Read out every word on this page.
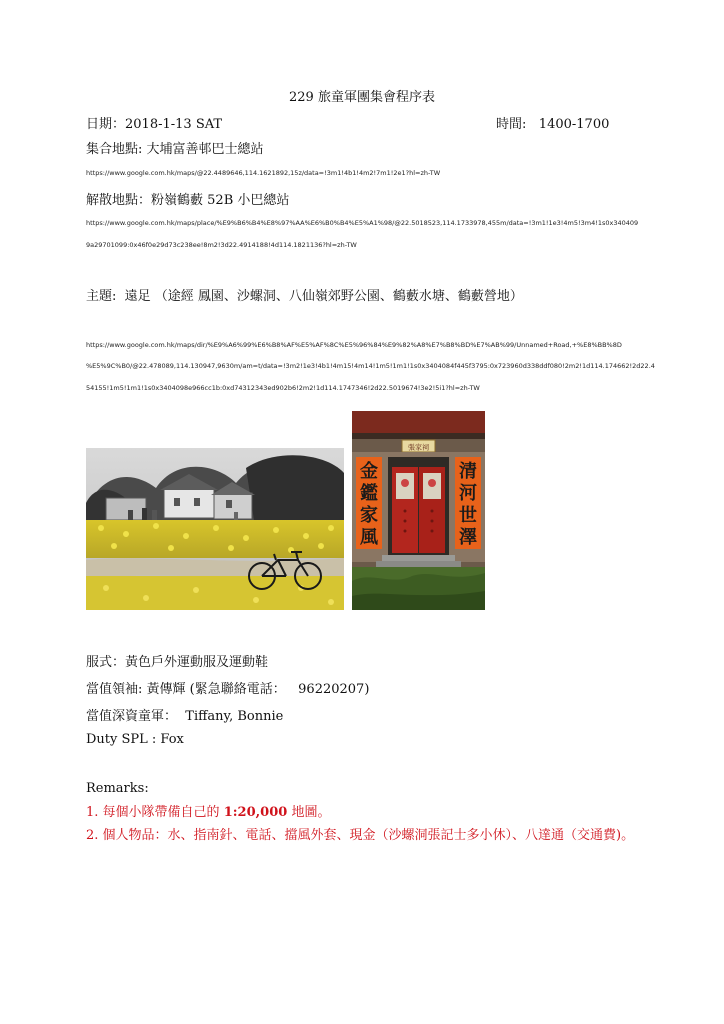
229 旅童軍團集會程序表
日期：2018-1-13 SAT	時間: 1400-1700
集合地點: 大埔富善邨巴士總站
https://www.google.com.hk/maps/@22.4489646,114.1621892,15z/data=!3m1!4b1!4m2!7m1!2e1?hl=zh-TW
解散地點：粉嶺鶴藪 52B 小巴總站
https://www.google.com.hk/maps/place/%E9%B6%B4%E8%97%AA%E6%B0%B4%E5%A1%98/@22.5018523,114.1733978,455m/data=!3m1!1e3!4m5!3m4!1s0x340409
9a29701099:0x46f0e29d73c238ee!8m2!3d22.4914188!4d114.1821136?hl=zh-TW
主題: 遠足 （途經 鳳園、沙螺洞、八仙嶺郊野公園、鶴藪水塘、鶴藪營地）
https://www.google.com.hk/maps/dir/%E9%A6%99%E6%B8%AF%E5%AF%8C%E5%96%84%E9%82%A8%E7%B8%BD%E7%AB%99/Unnamed+Road,+%E8%BB%8D
%E5%9C%B0/@22.478089,114.130947,9630m/am=t/data=!3m2!1e3!4b1!4m15!4m14!1m5!1m1!1s0x3404084f445f3795:0x723960d338ddf080!2m2!1d114.174662!2d22.4
54155!1m5!1m1!1s0x3404098e966cc1b:0xd74312343ed902b6!2m2!1d114.1747346!2d22.5019674!3e2!5i1?hl=zh-TW
張家祠
金
鑑
家
風
清
河
世
澤
服式：黃色戶外運動服及運動鞋
當值領袖: 黃傳輝 (緊急聯絡電話： 96220207)
當值深資童軍： Tiffany, Bonnie
Duty SPL : Fox
Remarks:
1. 每個小隊帶備自己的 1:20,000 地圖。
2. 個人物品：水、指南針、電話、擋風外套、現金（沙螺洞張記士多小休）、八達通（交通費)。
